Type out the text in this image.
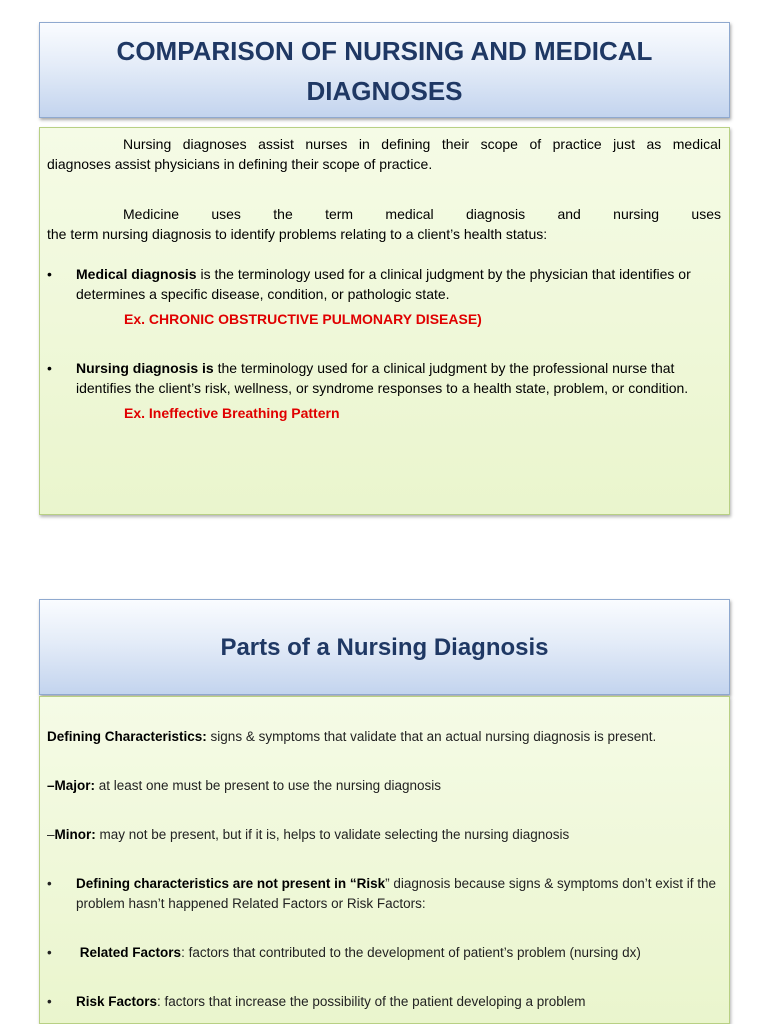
COMPARISON OF NURSING AND MEDICAL DIAGNOSES

Nursing diagnoses assist nurses in defining their scope of practice just as medical

diagnoses assist physicians in defining their scope of practice.

Medicine uses the term medical diagnosis and nursing uses

the term nursing diagnosis to identify problems relating to a client’s health status:

• Medical diagnosis is the terminology used for a clinical judgment by the physician that identifies or determines a specific disease, condition, or pathologic state.

Ex. CHRONIC OBSTRUCTIVE PULMONARY DISEASE)

• Nursing diagnosis is the terminology used for a clinical judgment by the professional nurse that identifies the client’s risk, wellness, or syndrome responses to a health state, problem, or condition.

Ex. Ineffective Breathing Pattern

Parts of a Nursing Diagnosis

Defining Characteristics: signs & symptoms that validate that an actual nursing diagnosis is present.

–Major: at least one must be present to use the nursing diagnosis

–Minor: may not be present, but if it is, helps to validate selecting the nursing diagnosis

• Defining characteristics are not present in “Risk” diagnosis because signs & symptoms don’t exist if the problem hasn’t happened Related Factors or Risk Factors:
• Related Factors: factors that contributed to the development of patient’s problem (nursing dx)
• Risk Factors: factors that increase the possibility of the patient developing a problem
